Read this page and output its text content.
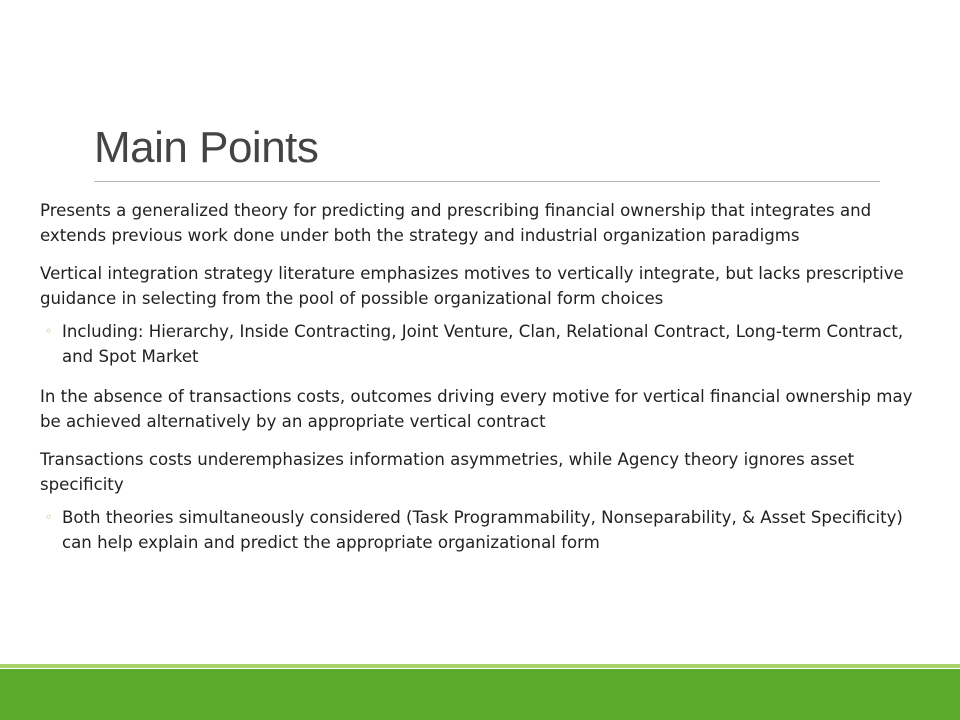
Main Points

Presents a generalized theory for predicting and prescribing financial ownership that integrates and extends previous work done under both the strategy and industrial organization paradigms

Vertical integration strategy literature emphasizes motives to vertically integrate, but lacks prescriptive guidance in selecting from the pool of possible organizational form choices

◦ Including: Hierarchy, Inside Contracting, Joint Venture, Clan, Relational Contract, Long-term Contract, and Spot Market

In the absence of transactions costs, outcomes driving every motive for vertical financial ownership may be achieved alternatively by an appropriate vertical contract

Transactions costs underemphasizes information asymmetries, while Agency theory ignores asset specificity

◦ Both theories simultaneously considered (Task Programmability, Nonseparability, & Asset Specificity) can help explain and predict the appropriate organizational form
